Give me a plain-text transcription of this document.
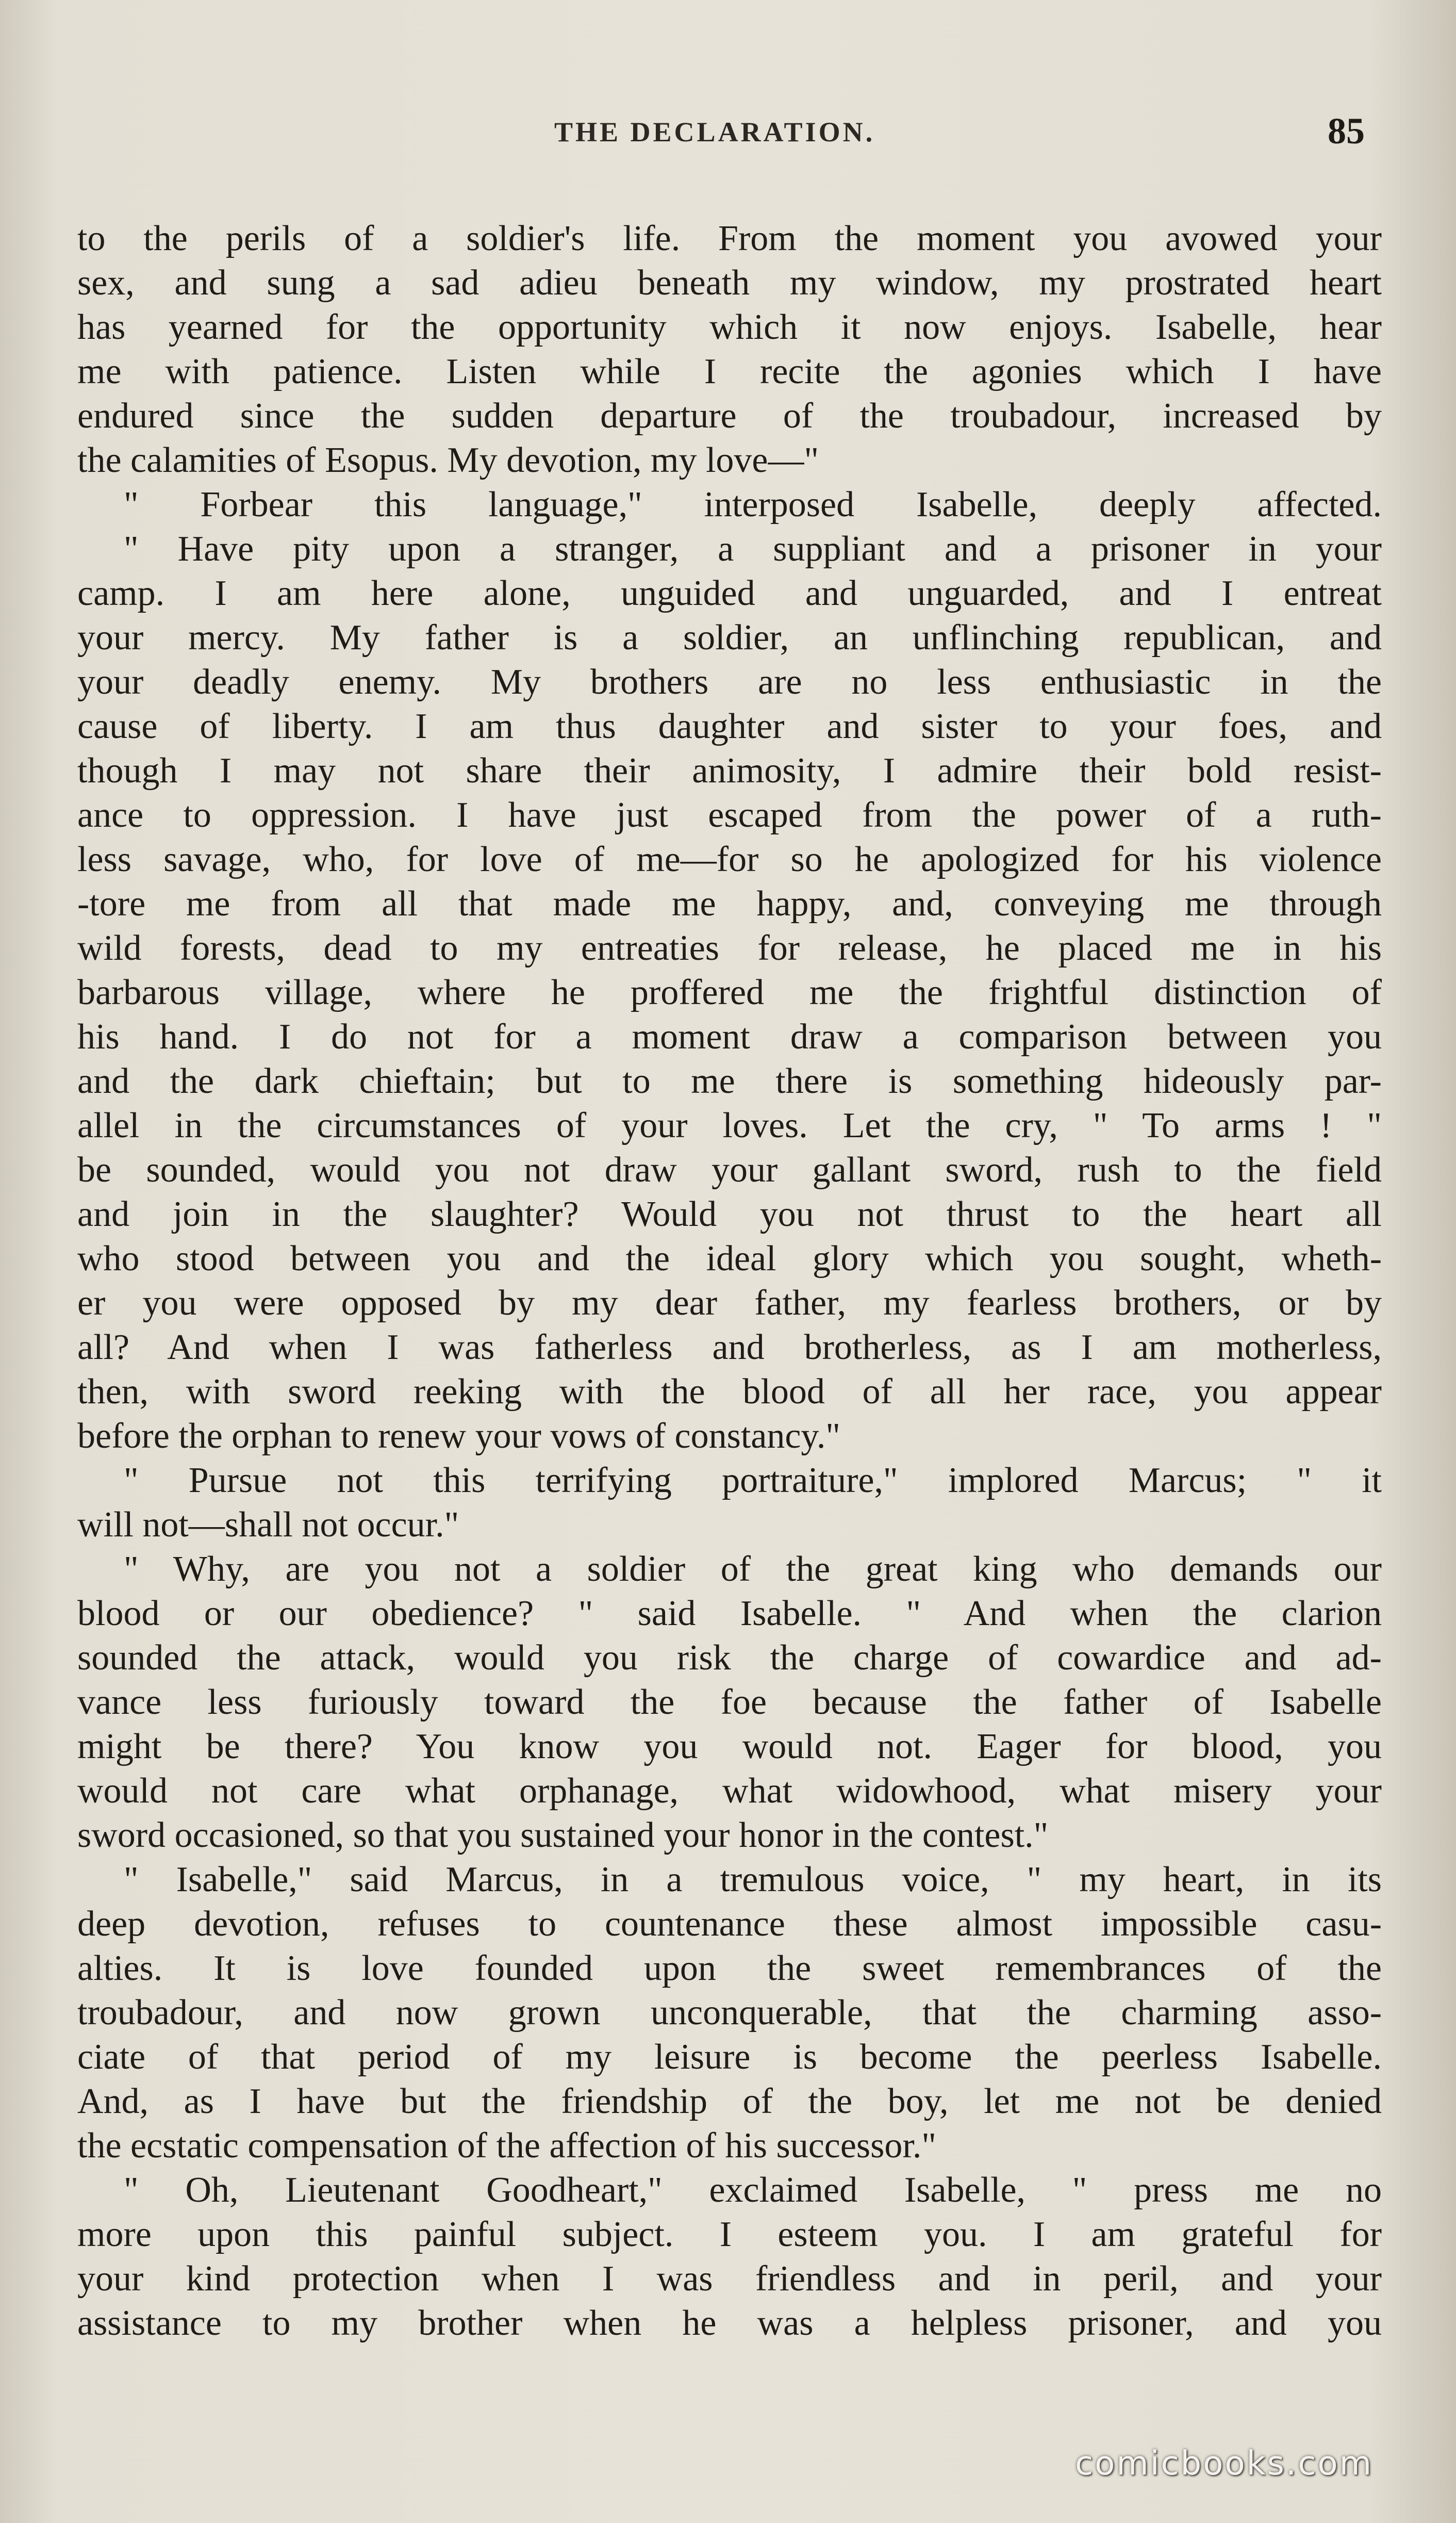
THE DECLARATION.	85
to the perils of a soldier's life. From the moment you avowed your
sex, and sung a sad adieu beneath my window, my prostrated heart
has yearned for the opportunity which it now enjoys. Isabelle, hear
me with patience. Listen while I recite the agonies which I have
endured since the sudden departure of the troubadour, increased by
the calamities of Esopus. My devotion, my love—"
" Forbear this language," interposed Isabelle, deeply affected.
" Have pity upon a stranger, a suppliant and a prisoner in your
camp. I am here alone, unguided and unguarded, and I entreat
your mercy. My father is a soldier, an unflinching republican, and
your deadly enemy. My brothers are no less enthusiastic in the
cause of liberty. I am thus daughter and sister to your foes, and
though I may not share their animosity, I admire their bold resist-
ance to oppression. I have just escaped from the power of a ruth-
less savage, who, for love of me—for so he apologized for his violence
-tore me from all that made me happy, and, conveying me through
wild forests, dead to my entreaties for release, he placed me in his
barbarous village, where he proffered me the frightful distinction of
his hand. I do not for a moment draw a comparison between you
and the dark chieftain; but to me there is something hideously par-
allel in the circumstances of your loves. Let the cry, " To arms ! "
be sounded, would you not draw your gallant sword, rush to the field
and join in the slaughter? Would you not thrust to the heart all
who stood between you and the ideal glory which you sought, wheth-
er you were opposed by my dear father, my fearless brothers, or by
all? And when I was fatherless and brotherless, as I am motherless,
then, with sword reeking with the blood of all her race, you appear
before the orphan to renew your vows of constancy."
" Pursue not this terrifying portraiture," implored Marcus; " it
will not—shall not occur."
" Why, are you not a soldier of the great king who demands our
blood or our obedience? " said Isabelle. " And when the clarion
sounded the attack, would you risk the charge of cowardice and ad-
vance less furiously toward the foe because the father of Isabelle
might be there? You know you would not. Eager for blood, you
would not care what orphanage, what widowhood, what misery your
sword occasioned, so that you sustained your honor in the contest."
" Isabelle," said Marcus, in a tremulous voice, " my heart, in its
deep devotion, refuses to countenance these almost impossible casu-
alties. It is love founded upon the sweet remembrances of the
troubadour, and now grown unconquerable, that the charming asso-
ciate of that period of my leisure is become the peerless Isabelle.
And, as I have but the friendship of the boy, let me not be denied
the ecstatic compensation of the affection of his successor."
" Oh, Lieutenant Goodheart," exclaimed Isabelle, " press me no
more upon this painful subject. I esteem you. I am grateful for
your kind protection when I was friendless and in peril, and your
assistance to my brother when he was a helpless prisoner, and you
comicbooks.com
